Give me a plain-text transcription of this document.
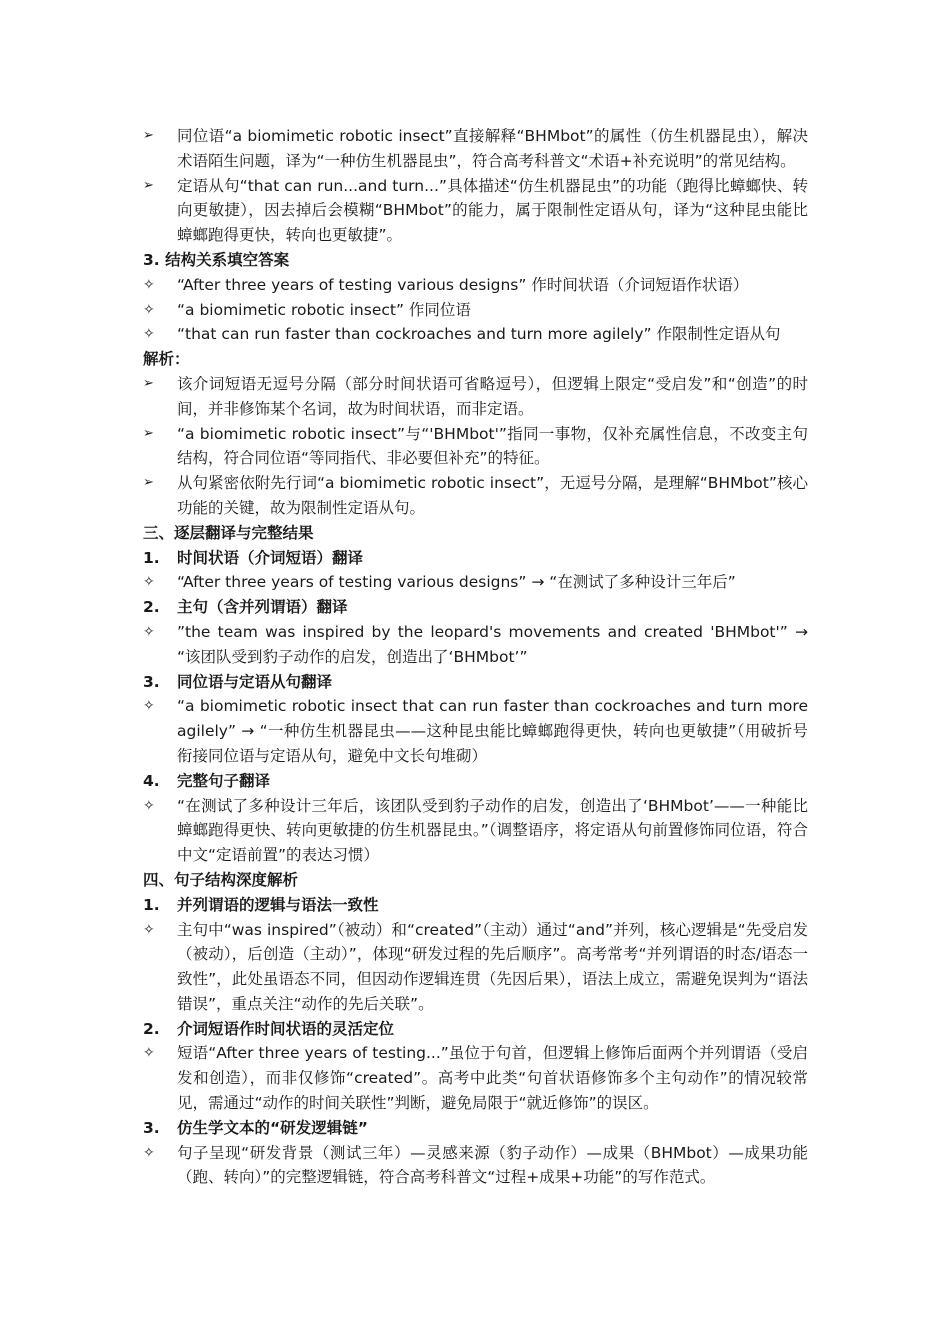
➢	同位语“a biomimetic robotic insect”直接解释“BHMbot”的属性（仿生机器昆虫），解决术语陌生问题，译为“一种仿生机器昆虫”，符合高考科普文“术语+补充说明”的常见结构。
➢	定语从句“that can run...and turn...”具体描述“仿生机器昆虫”的功能（跑得比蟑螂快、转向更敏捷），因去掉后会模糊“BHMbot”的能力，属于限制性定语从句，译为“这种昆虫能比蟑螂跑得更快，转向也更敏捷”。
3. 结构关系填空答案
✧	“After three years of testing various designs” 作时间状语（介词短语作状语）
✧	“a biomimetic robotic insect” 作同位语
✧	“that can run faster than cockroaches and turn more agilely” 作限制性定语从句
解析：
➢	该介词短语无逗号分隔（部分时间状语可省略逗号），但逻辑上限定“受启发”和“创造”的时间，并非修饰某个名词，故为时间状语，而非定语。
➢	“a biomimetic robotic insect”与“'BHMbot'”指同一事物，仅补充属性信息，不改变主句结构，符合同位语“等同指代、非必要但补充”的特征。
➢	从句紧密依附先行词“a biomimetic robotic insect”，无逗号分隔，是理解“BHMbot”核心功能的关键，故为限制性定语从句。
三、逐层翻译与完整结果
1.	时间状语（介词短语）翻译
✧	“After three years of testing various designs” → “在测试了多种设计三年后”
2.	主句（含并列谓语）翻译
✧	”the team was inspired by the leopard's movements and created 'BHMbot'” → “该团队受到豹子动作的启发，创造出了‘BHMbot’”
3.	同位语与定语从句翻译
✧	“a biomimetic robotic insect that can run faster than cockroaches and turn more agilely” → “一种仿生机器昆虫——这种昆虫能比蟑螂跑得更快，转向也更敏捷”（用破折号衔接同位语与定语从句，避免中文长句堆砌）
4.	完整句子翻译
✧	“在测试了多种设计三年后，该团队受到豹子动作的启发，创造出了‘BHMbot’——一种能比蟑螂跑得更快、转向更敏捷的仿生机器昆虫。”（调整语序，将定语从句前置修饰同位语，符合中文“定语前置”的表达习惯）
四、句子结构深度解析
1.	并列谓语的逻辑与语法一致性
✧	主句中“was inspired”（被动）和“created”（主动）通过“and”并列，核心逻辑是“先受启发（被动），后创造（主动）”，体现“研发过程的先后顺序”。高考常考“并列谓语的时态/语态一致性”，此处虽语态不同，但因动作逻辑连贯（先因后果），语法上成立，需避免误判为“语法错误”，重点关注“动作的先后关联”。
2.	介词短语作时间状语的灵活定位
✧	短语“After three years of testing...”虽位于句首，但逻辑上修饰后面两个并列谓语（受启发和创造），而非仅修饰“created”。高考中此类“句首状语修饰多个主句动作”的情况较常见，需通过“动作的时间关联性”判断，避免局限于“就近修饰”的误区。
3.	仿生学文本的“研发逻辑链”
✧	句子呈现“研发背景（测试三年）—灵感来源（豹子动作）—成果（BHMbot）—成果功能（跑、转向）”的完整逻辑链，符合高考科普文“过程+成果+功能”的写作范式。
